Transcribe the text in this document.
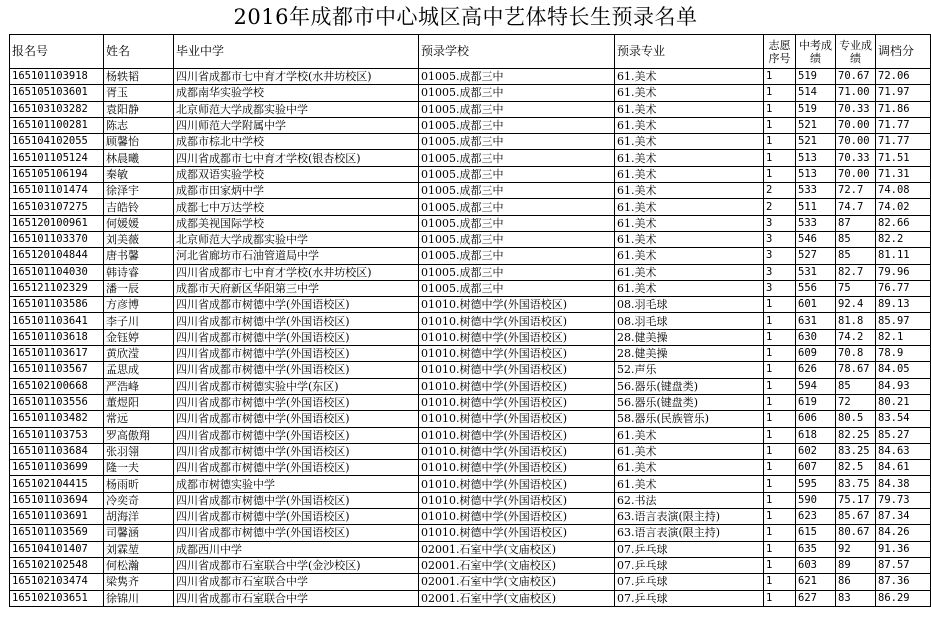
2016年成都市中心城区高中艺体特长生预录名单
报名号	姓名	毕业中学	预录学校	预录专业	志愿序号	中考成绩	专业成绩	调档分
165101103918	杨轶韬	四川省成都市七中育才学校(水井坊校区)	01005.成都三中	61.美术	1	519	70.67	72.06
165105103601	胥玉	成都南华实验学校	01005.成都三中	61.美术	1	514	71.00	71.97
165103103282	袁阳静	北京师范大学成都实验中学	01005.成都三中	61.美术	1	519	70.33	71.86
165101100281	陈志	四川师范大学附属中学	01005.成都三中	61.美术	1	521	70.00	71.77
165104102055	顾馨怡	成都市棕北中学校	01005.成都三中	61.美术	1	521	70.00	71.77
165101105124	林晨曦	四川省成都市七中育才学校(银杏校区)	01005.成都三中	61.美术	1	513	70.33	71.51
165105106194	秦敏	成都双语实验学校	01005.成都三中	61.美术	1	513	70.00	71.31
165101101474	徐泽宇	成都市田家炳中学	01005.成都三中	61.美术	2	533	72.7	74.08
165103107275	吉皓铃	成都七中万达学校	01005.成都三中	61.美术	2	511	74.7	74.02
165120100961	何媛媛	成都美视国际学校	01005.成都三中	61.美术	3	533	87	82.66
165101103370	刘美薇	北京师范大学成都实验中学	01005.成都三中	61.美术	3	546	85	82.2
165120104844	唐书馨	河北省廊坊市石油管道局中学	01005.成都三中	61.美术	3	527	85	81.11
165101104030	韩诗睿	四川省成都市七中育才学校(水井坊校区)	01005.成都三中	61.美术	3	531	82.7	79.96
165121102329	潘一辰	成都市天府新区华阳第三中学	01005.成都三中	61.美术	3	556	75	76.77
165101103586	方彦博	四川省成都市树德中学(外国语校区)	01010.树德中学(外国语校区)	08.羽毛球	1	601	92.4	89.13
165101103641	李子川	四川省成都市树德中学(外国语校区)	01010.树德中学(外国语校区)	08.羽毛球	1	631	81.8	85.97
165101103618	金钰婷	四川省成都市树德中学(外国语校区)	01010.树德中学(外国语校区)	28.健美操	1	630	74.2	82.1
165101103617	黄欣滢	四川省成都市树德中学(外国语校区)	01010.树德中学(外国语校区)	28.健美操	1	609	70.8	78.9
165101103567	孟思成	四川省成都市树德中学(外国语校区)	01010.树德中学(外国语校区)	52.声乐	1	626	78.67	84.05
165102100668	严浩峰	四川省成都市树德实验中学(东区)	01010.树德中学(外国语校区)	56.器乐(键盘类)	1	594	85	84.93
165101103556	董煜阳	四川省成都市树德中学(外国语校区)	01010.树德中学(外国语校区)	56.器乐(键盘类)	1	619	72	80.21
165101103482	常远	四川省成都市树德中学(外国语校区)	01010.树德中学(外国语校区)	58.器乐(民族管乐)	1	606	80.5	83.54
165101103753	罗高傲翔	四川省成都市树德中学(外国语校区)	01010.树德中学(外国语校区)	61.美术	1	618	82.25	85.27
165101103684	张羽翎	四川省成都市树德中学(外国语校区)	01010.树德中学(外国语校区)	61.美术	1	602	83.25	84.63
165101103699	隆一夫	四川省成都市树德中学(外国语校区)	01010.树德中学(外国语校区)	61.美术	1	607	82.5	84.61
165102104415	杨雨昕	成都市树德实验中学	01010.树德中学(外国语校区)	61.美术	1	595	83.75	84.38
165101103694	冷奕奇	四川省成都市树德中学(外国语校区)	01010.树德中学(外国语校区)	62.书法	1	590	75.17	79.73
165101103691	胡海洋	四川省成都市树德中学(外国语校区)	01010.树德中学(外国语校区)	63.语言表演(限主持)	1	623	85.67	87.34
165101103569	司馨涵	四川省成都市树德中学(外国语校区)	01010.树德中学(外国语校区)	63.语言表演(限主持)	1	615	80.67	84.26
165104101407	刘霖堃	成都西川中学	02001.石室中学(文庙校区)	07.乒乓球	1	635	92	91.36
165102102548	何松瀚	四川省成都市石室联合中学(金沙校区)	02001.石室中学(文庙校区)	07.乒乓球	1	603	89	87.57
165102103474	梁隽齐	四川省成都市石室联合中学	02001.石室中学(文庙校区)	07.乒乓球	1	621	86	87.36
165102103651	徐锦川	四川省成都市石室联合中学	02001.石室中学(文庙校区)	07.乒乓球	1	627	83	86.29
